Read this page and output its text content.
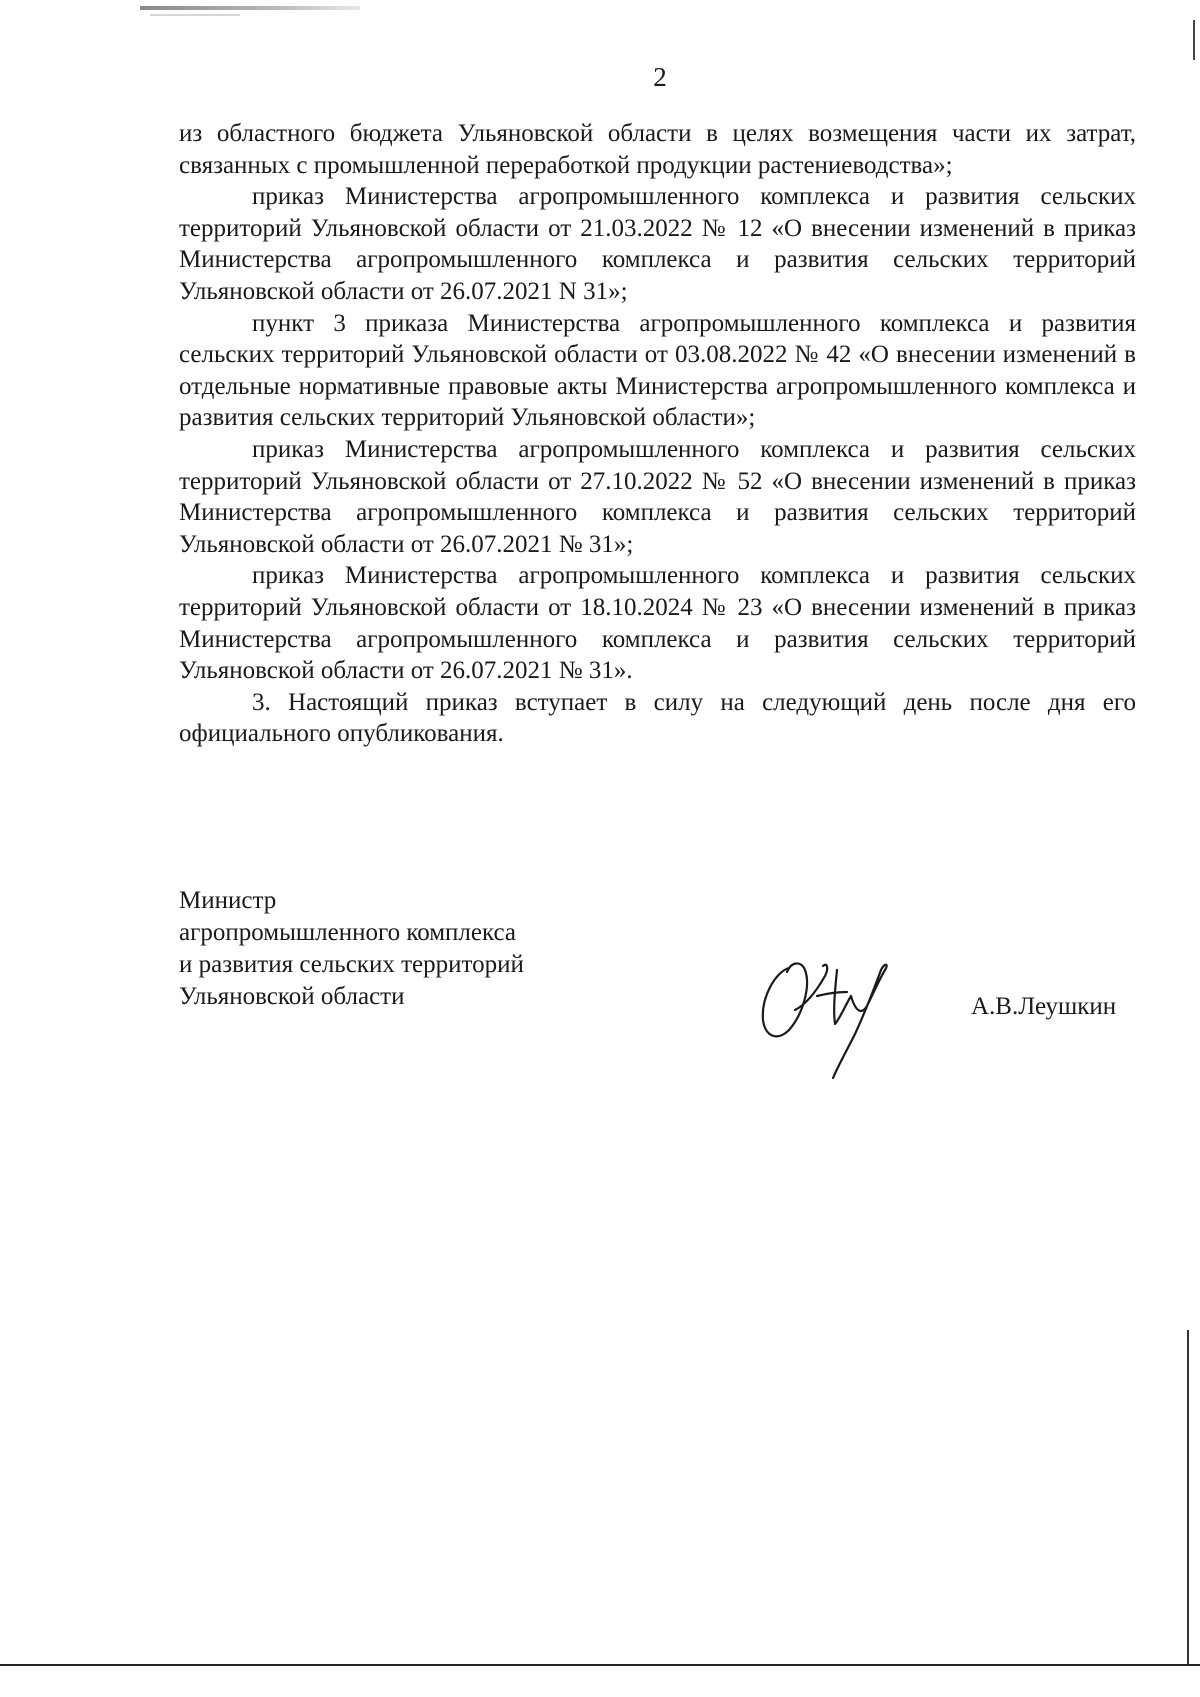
2

из областного бюджета Ульяновской области в целях возмещения части их затрат, связанных с промышленной переработкой продукции растениеводства»;

приказ Министерства агропромышленного комплекса и развития сельских территорий Ульяновской области от 21.03.2022 № 12 «О внесении изменений в приказ Министерства агропромышленного комплекса и развития сельских территорий Ульяновской области от 26.07.2021 N 31»;

пункт 3 приказа Министерства агропромышленного комплекса и развития сельских территорий Ульяновской области от 03.08.2022 № 42 «О внесении изменений в отдельные нормативные правовые акты Министерства агропромышленного комплекса и развития сельских территорий Ульяновской области»;

приказ Министерства агропромышленного комплекса и развития сельских территорий Ульяновской области от 27.10.2022 № 52 «О внесении изменений в приказ Министерства агропромышленного комплекса и развития сельских территорий Ульяновской области от 26.07.2021 № 31»;

приказ Министерства агропромышленного комплекса и развития сельских территорий Ульяновской области от 18.10.2024 № 23 «О внесении изменений в приказ Министерства агропромышленного комплекса и развития сельских территорий Ульяновской области от 26.07.2021 № 31».

3. Настоящий приказ вступает в силу на следующий день после дня его официального опубликования.

Министр
агропромышленного комплекса
и развития сельских территорий
Ульяновской области	А.В.Леушкин
